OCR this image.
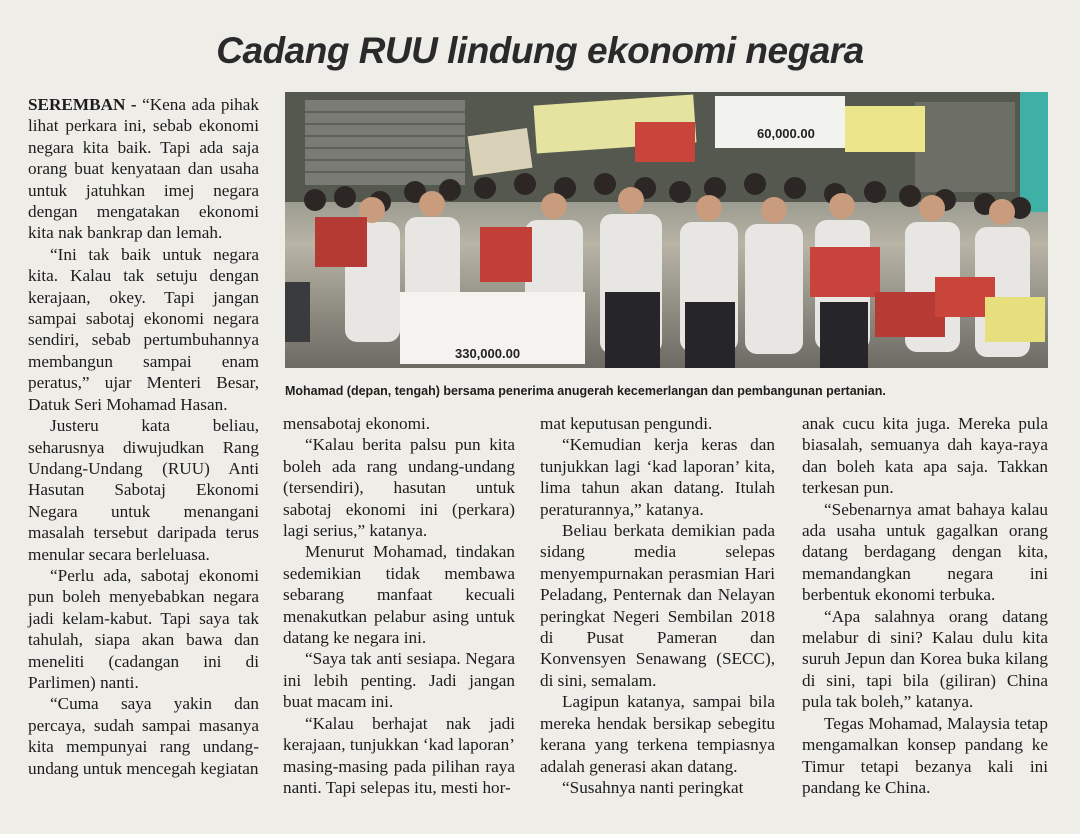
Cadang RUU lindung ekonomi negara

SEREMBAN - “Kena ada pihak lihat perkara ini, sebab ekonomi negara kita baik. Tapi ada saja orang buat kenyataan dan usaha untuk jatuhkan imej negara dengan mengatakan ekonomi kita nak bankrap dan lemah.

“Ini tak baik untuk negara kita. Kalau tak setuju dengan kerajaan, okey. Tapi jangan sampai sabotaj ekonomi negara sendiri, sebab pertumbuhannya membangun sampai enam peratus,” ujar Menteri Besar, Datuk Seri Mohamad Hasan.

Justeru kata beliau, seharusnya diwujudkan Rang Undang-Undang (RUU) Anti Hasutan Sabotaj Ekonomi Negara untuk menangani masalah tersebut daripada terus menular secara berleluasa.

“Perlu ada, sabotaj ekonomi pun boleh menyebabkan negara jadi kelam-kabut. Tapi saya tak tahulah, siapa akan bawa dan meneliti (cadangan ini di Parlimen) nanti.

“Cuma saya yakin dan percaya, sudah sampai masanya kita mempunyai rang undang-undang untuk mencegah kegiatan

60,000.00
330,000.00
Mohamad (depan, tengah) bersama penerima anugerah kecemerlangan dan pembangunan pertanian.

mensabotaj ekonomi.

“Kalau berita palsu pun kita boleh ada rang undang-undang (tersendiri), hasutan untuk sabotaj ekonomi ini (perkara) lagi serius,” katanya.

Menurut Mohamad, tindakan sedemikian tidak membawa sebarang manfaat kecuali menakutkan pelabur asing untuk datang ke negara ini.

“Saya tak anti sesiapa. Negara ini lebih penting. Jadi jangan buat macam ini.

“Kalau berhajat nak jadi kerajaan, tunjukkan ‘kad laporan’ masing-masing pada pilihan raya nanti. Tapi selepas itu, mesti hor-

mat keputusan pengundi.

“Kemudian kerja keras dan tunjukkan lagi ‘kad laporan’ kita, lima tahun akan datang. Itulah peraturannya,” katanya.

Beliau berkata demikian pada sidang media selepas menyempurnakan perasmian Hari Peladang, Penternak dan Nelayan peringkat Negeri Sembilan 2018 di Pusat Pameran dan Konvensyen Senawang (SECC), di sini, semalam.

Lagipun katanya, sampai bila mereka hendak bersikap sebegitu kerana yang terkena tempiasnya adalah generasi akan datang.

“Susahnya nanti peringkat

anak cucu kita juga. Mereka pula biasalah, semuanya dah kaya-raya dan boleh kata apa saja. Takkan terkesan pun.

“Sebenarnya amat bahaya kalau ada usaha untuk gagalkan orang datang berdagang dengan kita, memandangkan negara ini berbentuk ekonomi terbuka.

“Apa salahnya orang datang melabur di sini? Kalau dulu kita suruh Jepun dan Korea buka kilang di sini, tapi bila (giliran) China pula tak boleh,” katanya.

Tegas Mohamad, Malaysia tetap mengamalkan konsep pandang ke Timur tetapi bezanya kali ini pandang ke China.
